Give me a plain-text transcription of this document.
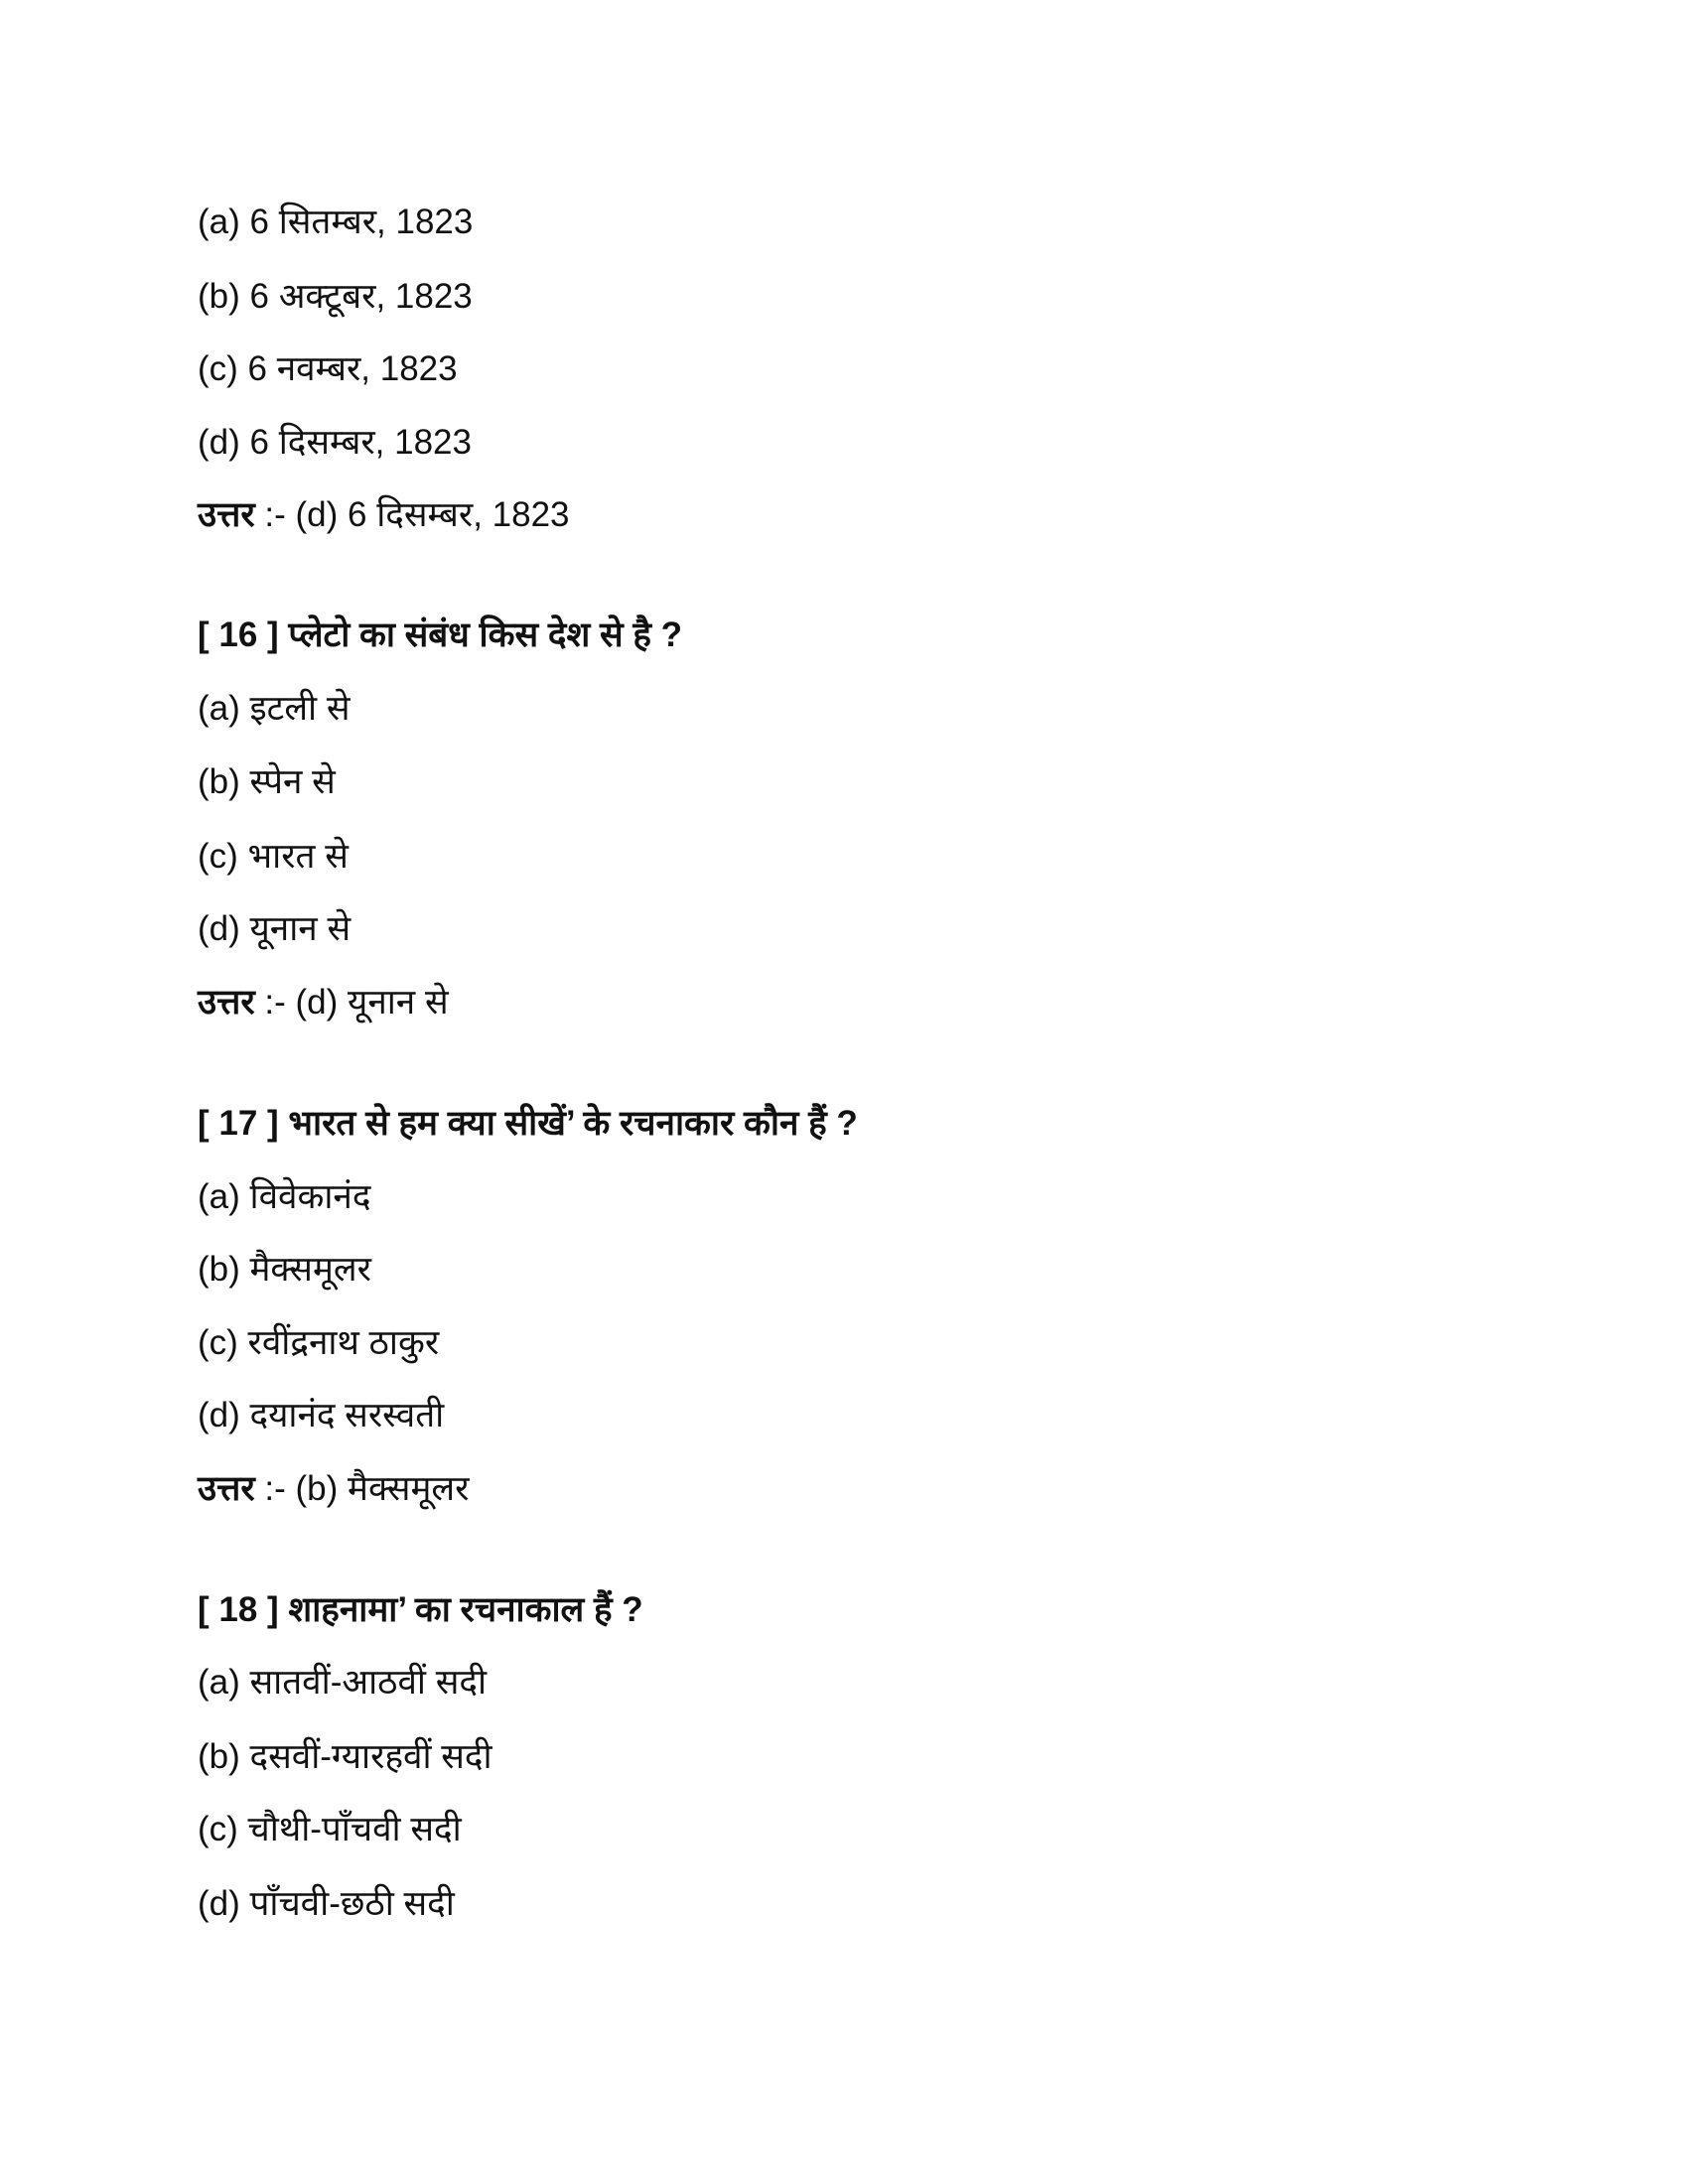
(a) 6 सितम्बर, 1823
(b) 6 अक्टूबर, 1823
(c) 6 नवम्बर, 1823
(d) 6 दिसम्बर, 1823
उत्तर :- (d) 6 दिसम्बर, 1823
[ 16 ] प्लेटो का संबंध किस देश से है ?
(a) इटली से
(b) स्पेन से
(c) भारत से
(d) यूनान से
उत्तर :- (d) यूनान से
[ 17 ] भारत से हम क्या सीखें’ के रचनाकार कौन हैं ?
(a) विवेकानंद
(b) मैक्समूलर
(c) रवींद्रनाथ ठाकुर
(d) दयानंद सरस्वती
उत्तर :- (b) मैक्समूलर
[ 18 ] शाहनामा’ का रचनाकाल हैं ?
(a) सातवीं-आठवीं सदी
(b) दसवीं-ग्यारहवीं सदी
(c) चौथी-पाँचवी सदी
(d) पाँचवी-छठी सदी
